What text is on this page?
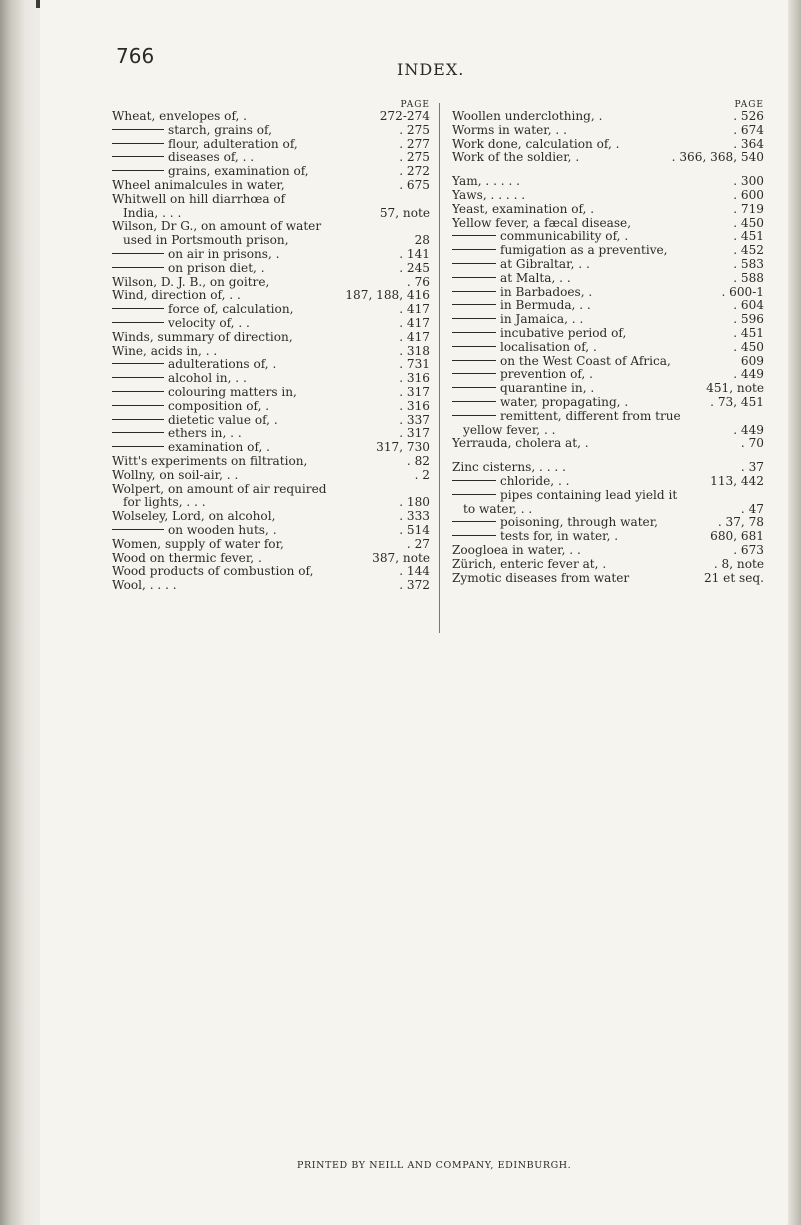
766
INDEX.
PAGE
Wheat, envelopes of, .	272-274
starch, grains of,	. 275
flour, adulteration of,	. 277
diseases of, . .	. 275
grains, examination of,	. 272
Wheel animalcules in water,	. 675
Whitwell on hill diarrhœa of
India, . . .	57, note
Wilson, Dr G., on amount of water
used in Portsmouth prison,	28
on air in prisons, .	. 141
on prison diet, .	. 245
Wilson, D. J. B., on goitre,	. 76
Wind, direction of, . .	187, 188, 416
force of, calculation,	. 417
velocity of, . .	. 417
Winds, summary of direction,	. 417
Wine, acids in, . .	. 318
adulterations of, .	. 731
alcohol in, . .	. 316
colouring matters in,	. 317
composition of, .	. 316
dietetic value of, .	. 337
ethers in, . .	. 317
examination of, .	317, 730
Witt's experiments on filtration,	. 82
Wollny, on soil-air, . .	. 2
Wolpert, on amount of air required
for lights, . . .	. 180
Wolseley, Lord, on alcohol,	. 333
on wooden huts, .	. 514
Women, supply of water for,	. 27
Wood on thermic fever, .	387, note
Wood products of combustion of,	. 144
Wool, . . . .	. 372
PAGE
Woollen underclothing, .	. 526
Worms in water, . .	. 674
Work done, calculation of, .	. 364
Work of the soldier, .	. 366, 368, 540
Yam, . . . . .	. 300
Yaws, . . . . .	. 600
Yeast, examination of, .	. 719
Yellow fever, a fæcal disease,	. 450
communicability of, .	. 451
fumigation as a preventive,	. 452
at Gibraltar, . .	. 583
at Malta, . .	. 588
in Barbadoes, .	. 600-1
in Bermuda, . .	. 604
in Jamaica, . .	. 596
incubative period of,	. 451
localisation of, .	. 450
on the West Coast of Africa,	609
prevention of, .	. 449
quarantine in, .	451, note
water, propagating, .	. 73, 451
remittent, different from true
yellow fever, . .	. 449
Yerrauda, cholera at, .	. 70
Zinc cisterns, . . . .	. 37
chloride, . .	113, 442
pipes containing lead yield it
to water, . .	. 47
poisoning, through water,	. 37, 78
tests for, in water, .	680, 681
Zoogloea in water, . .	. 673
Zürich, enteric fever at, .	. 8, note
Zymotic diseases from water	21 et seq.
PRINTED BY NEILL AND COMPANY, EDINBURGH.
